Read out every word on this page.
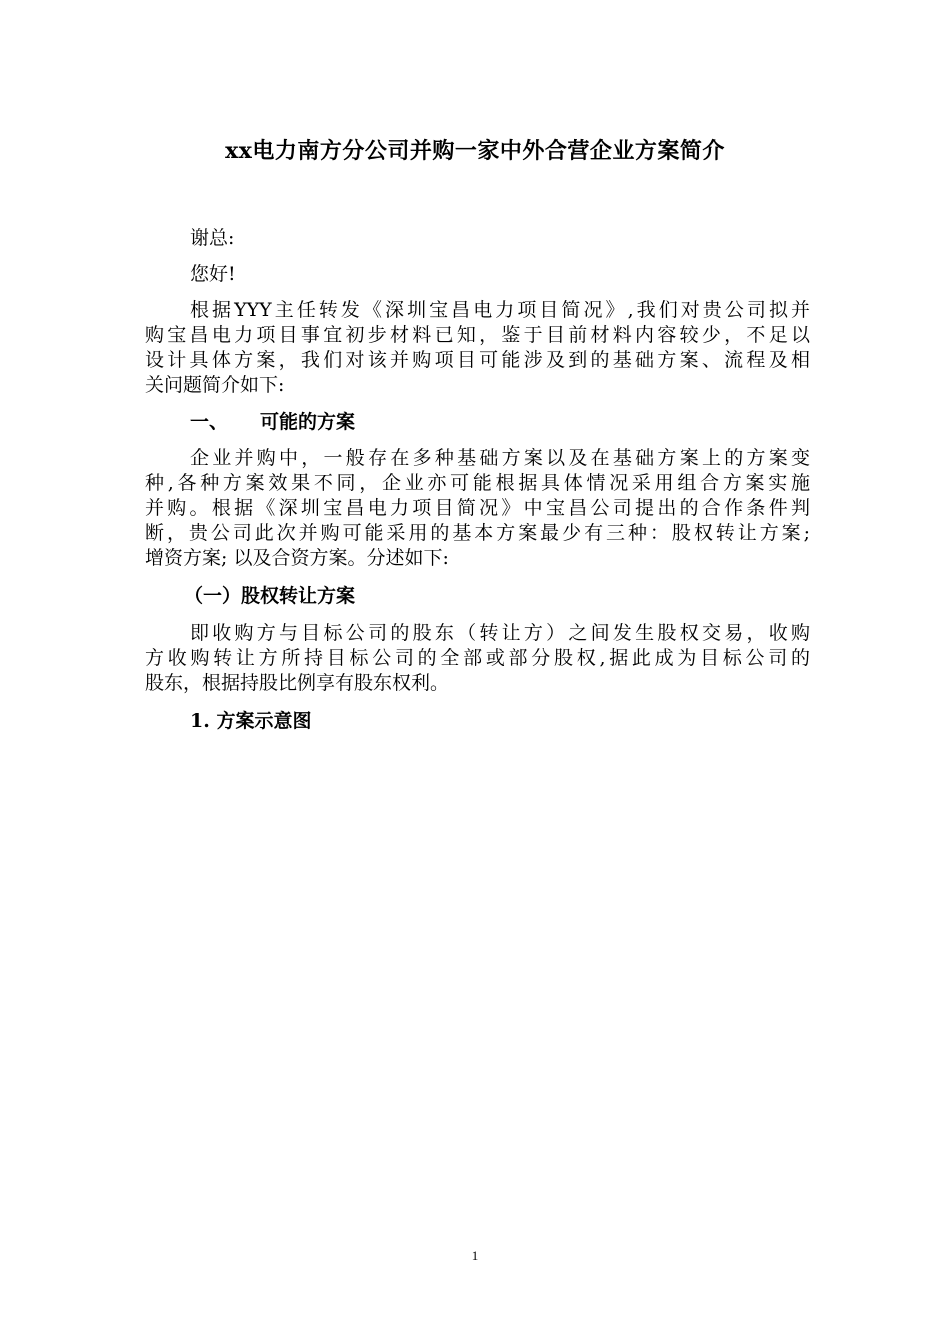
xx电力南方分公司并购一家中外合营企业方案简介
谢总:
您好!
根据YYY主任转发《深圳宝昌电力项目简况》,我们对贵公司拟并
购宝昌电力项目事宜初步材料已知，鉴于目前材料内容较少，不足以
设计具体方案，我们对该并购项目可能涉及到的基础方案、流程及相
关问题简介如下:
一、 可能的方案
企业并购中，一般存在多种基础方案以及在基础方案上的方案变
种,各种方案效果不同，企业亦可能根据具体情况采用组合方案实施
并购。根据《深圳宝昌电力项目简况》中宝昌公司提出的合作条件判
断，贵公司此次并购可能采用的基本方案最少有三种：股权转让方案;
增资方案; 以及合资方案。分述如下:
（一）股权转让方案
即收购方与目标公司的股东（转让方）之间发生股权交易，收购
方收购转让方所持目标公司的全部或部分股权,据此成为目标公司的
股东，根据持股比例享有股东权利。
1. 方案示意图
1
